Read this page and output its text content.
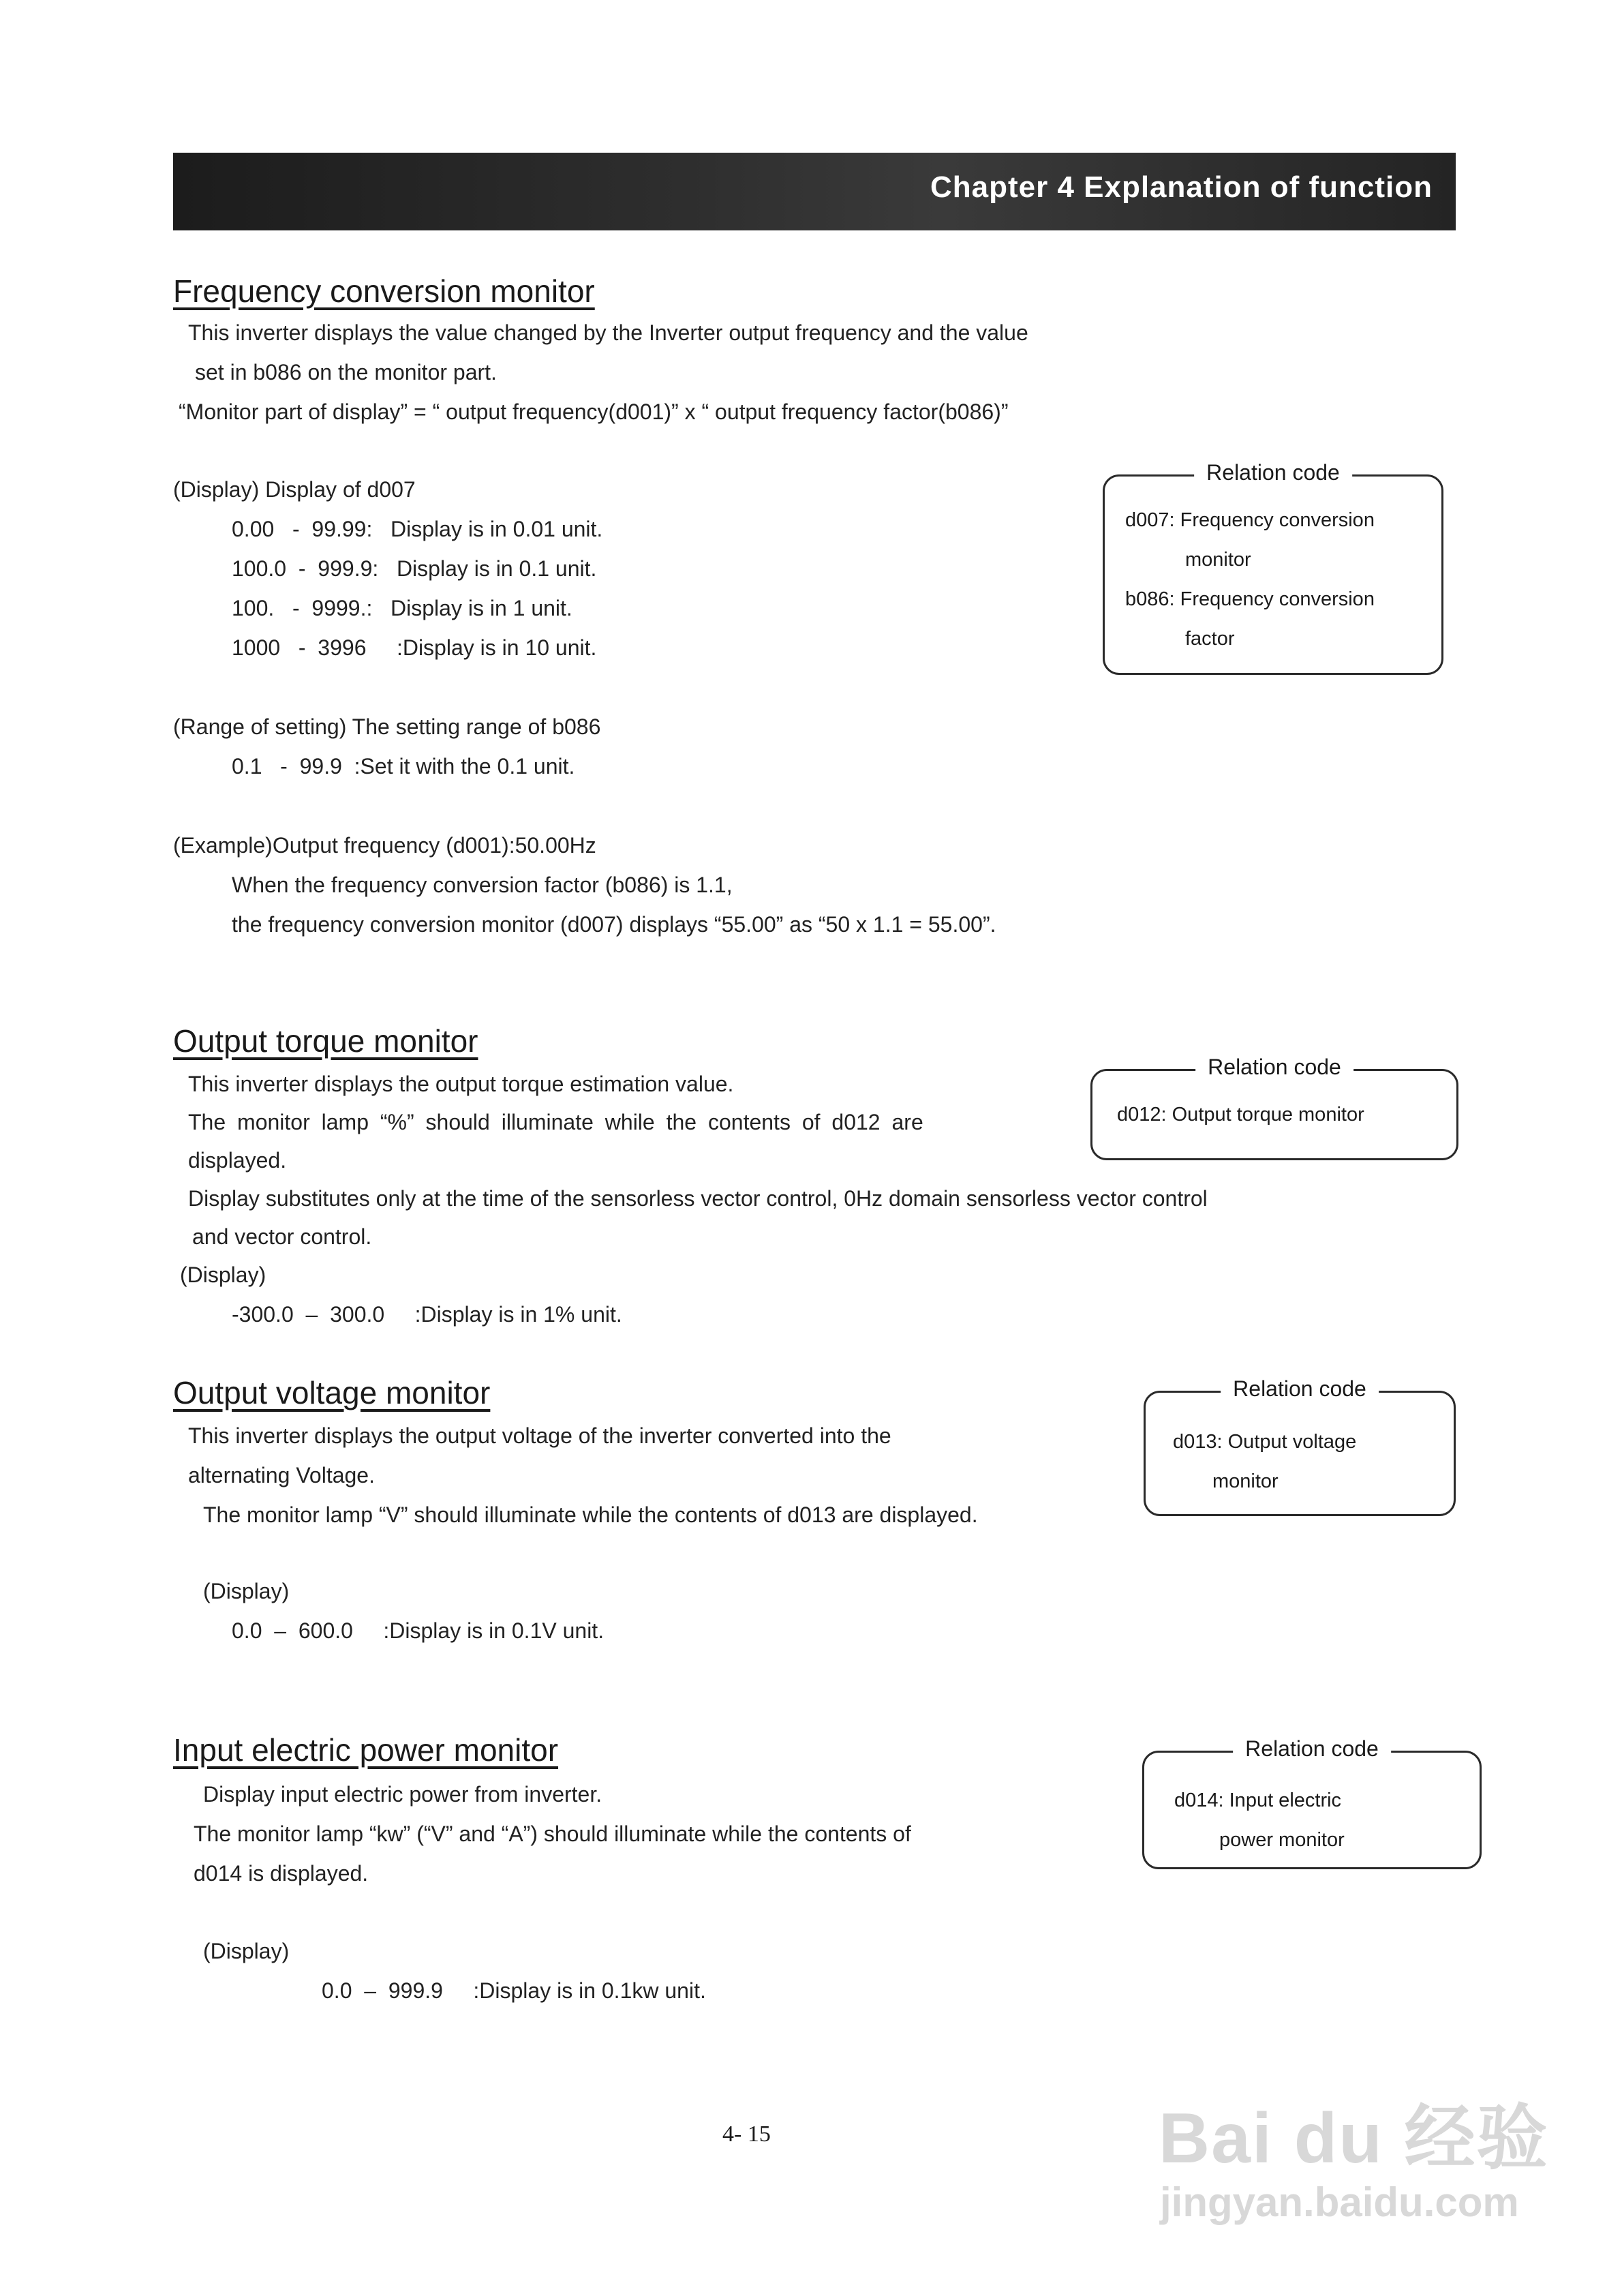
Chapter 4 Explanation of function
Frequency conversion monitor
This inverter displays the value changed by the Inverter output frequency and the value
set in b086 on the monitor part.
“Monitor part of display” = “ output frequency(d001)” x “ output frequency factor(b086)”
(Display) Display of d007
0.00   -  99.99:   Display is in 0.01 unit.
100.0  -  999.9:   Display is in 0.1 unit.
100.   -  9999.:   Display is in 1 unit.
1000   -  3996     :Display is in 10 unit.
Relation code
d007: Frequency conversion
monitor
b086: Frequency conversion
factor
(Range of setting) The setting range of b086
0.1   -  99.9  :Set it with the 0.1 unit.
(Example)Output frequency (d001):50.00Hz
When the frequency conversion factor (b086) is 1.1,
the frequency conversion monitor (d007) displays “55.00” as “50 x 1.1 = 55.00”.
Output torque monitor
This inverter displays the output torque estimation value.
The monitor lamp “%” should illuminate while the contents of d012 are
displayed.
Display substitutes only at the time of the sensorless vector control, 0Hz domain sensorless vector control
and vector control.
(Display)
-300.0  –  300.0     :Display is in 1% unit.
Relation code
d012: Output torque monitor
Output voltage monitor
This inverter displays the output voltage of the inverter converted into the
alternating Voltage.
The monitor lamp “V” should illuminate while the contents of d013 are displayed.
(Display)
0.0  –  600.0     :Display is in 0.1V unit.
Relation code
d013: Output voltage
monitor
Input electric power monitor
Display input electric power from inverter.
The monitor lamp “kw” (“V” and “A”) should illuminate while the contents of
d014 is displayed.
(Display)
0.0  –  999.9     :Display is in 0.1kw unit.
Relation code
d014: Input electric
power monitor
4- 15	Bai du 经验
jingyan.baidu.com
